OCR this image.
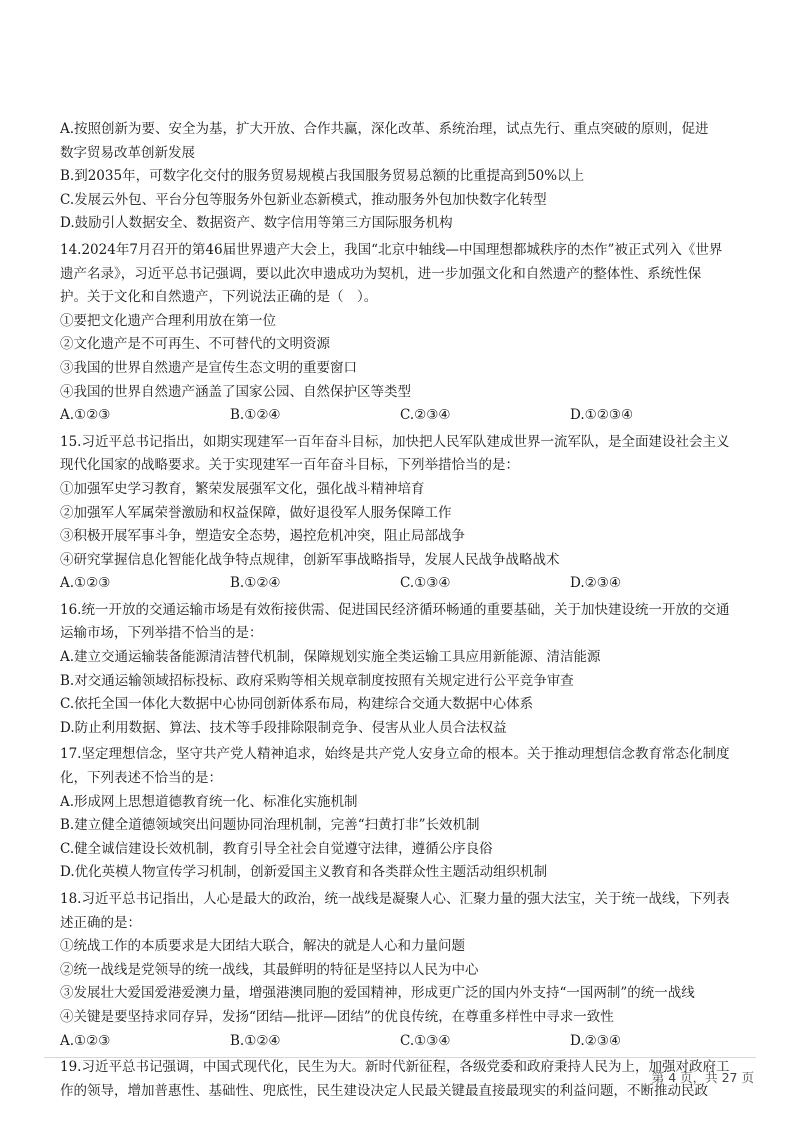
A.按照创新为要、安全为基，扩大开放、合作共赢，深化改革、系统治理，试点先行、重点突破的原则，促进
数字贸易改革创新发展
B.到2035年，可数字化交付的服务贸易规模占我国服务贸易总额的比重提高到50%以上
C.发展云外包、平台分包等服务外包新业态新模式，推动服务外包加快数字化转型
D.鼓励引人数据安全、数据资产、数字信用等第三方国际服务机构
14.2024年7月召开的第46届世界遗产大会上，我国“北京中轴线—中国理想都城秩序的杰作”被正式列入《世界
遗产名录》，习近平总书记强调，要以此次申遗成功为契机，进一步加强文化和自然遗产的整体性、系统性保
护。关于文化和自然遗产，下列说法正确的是（　）。
①要把文化遗产合理利用放在第一位
②文化遗产是不可再生、不可替代的文明资源
③我国的世界自然遗产是宣传生态文明的重要窗口
④我国的世界自然遗产涵盖了国家公园、自然保护区等类型
A.①②③	B.①②④	C.②③④	D.①②③④
15.习近平总书记指出，如期实现建军一百年奋斗目标，加快把人民军队建成世界一流军队，是全面建设社会主义
现代化国家的战略要求。关于实现建军一百年奋斗目标，下列举措恰当的是：
①加强军史学习教育，繁荣发展强军文化，强化战斗精神培育
②加强军人军属荣誉激励和权益保障，做好退役军人服务保障工作
③积极开展军事斗争，塑造安全态势，遏控危机冲突，阻止局部战争
④研究掌握信息化智能化战争特点规律，创新军事战略指导，发展人民战争战略战术
A.①②③	B.①②④	C.①③④	D.②③④
16.统一开放的交通运输市场是有效衔接供需、促进国民经济循环畅通的重要基础，关于加快建设统一开放的交通
运输市场，下列举措不恰当的是：
A.建立交通运输装备能源清洁替代机制，保障规划实施全类运输工具应用新能源、清洁能源
B.对交通运输领域招标投标、政府采购等相关规章制度按照有关规定进行公平竞争审查
C.依托全国一体化大数据中心协同创新体系布局，构建综合交通大数据中心体系
D.防止利用数据、算法、技术等手段排除限制竞争、侵害从业人员合法权益
17.坚定理想信念，坚守共产党人精神追求，始终是共产党人安身立命的根本。关于推动理想信念教育常态化制度
化，下列表述不恰当的是：
A.形成网上思想道德教育统一化、标准化实施机制
B.建立健全道德领域突出问题协同治理机制，完善“扫黄打非”长效机制
C.健全诚信建设长效机制，教育引导全社会自觉遵守法律，遵循公序良俗
D.优化英模人物宣传学习机制，创新爱国主义教育和各类群众性主题活动组织机制
18.习近平总书记指出，人心是最大的政治，统一战线是凝聚人心、汇聚力量的强大法宝，关于统一战线，下列表
述正确的是：
①统战工作的本质要求是大团结大联合，解决的就是人心和力量问题
②统一战线是党领导的统一战线，其最鲜明的特征是坚持以人民为中心
③发展壮大爱国爱港爱澳力量，增强港澳同胞的爱国精神，形成更广泛的国内外支持“一国两制”的统一战线
④关键是要坚持求同存异，发扬“团结—批评—团结”的优良传统，在尊重多样性中寻求一致性
A.①②③	B.①②④	C.①③④	D.②③④
19.习近平总书记强调，中国式现代化，民生为大。新时代新征程，各级党委和政府秉持人民为上，加强对政府工
作的领导，增加普惠性、基础性、兜底性，民生建设决定人民最关键最直接最现实的利益问题，不断推动民政
第 4 页，共 27 页
